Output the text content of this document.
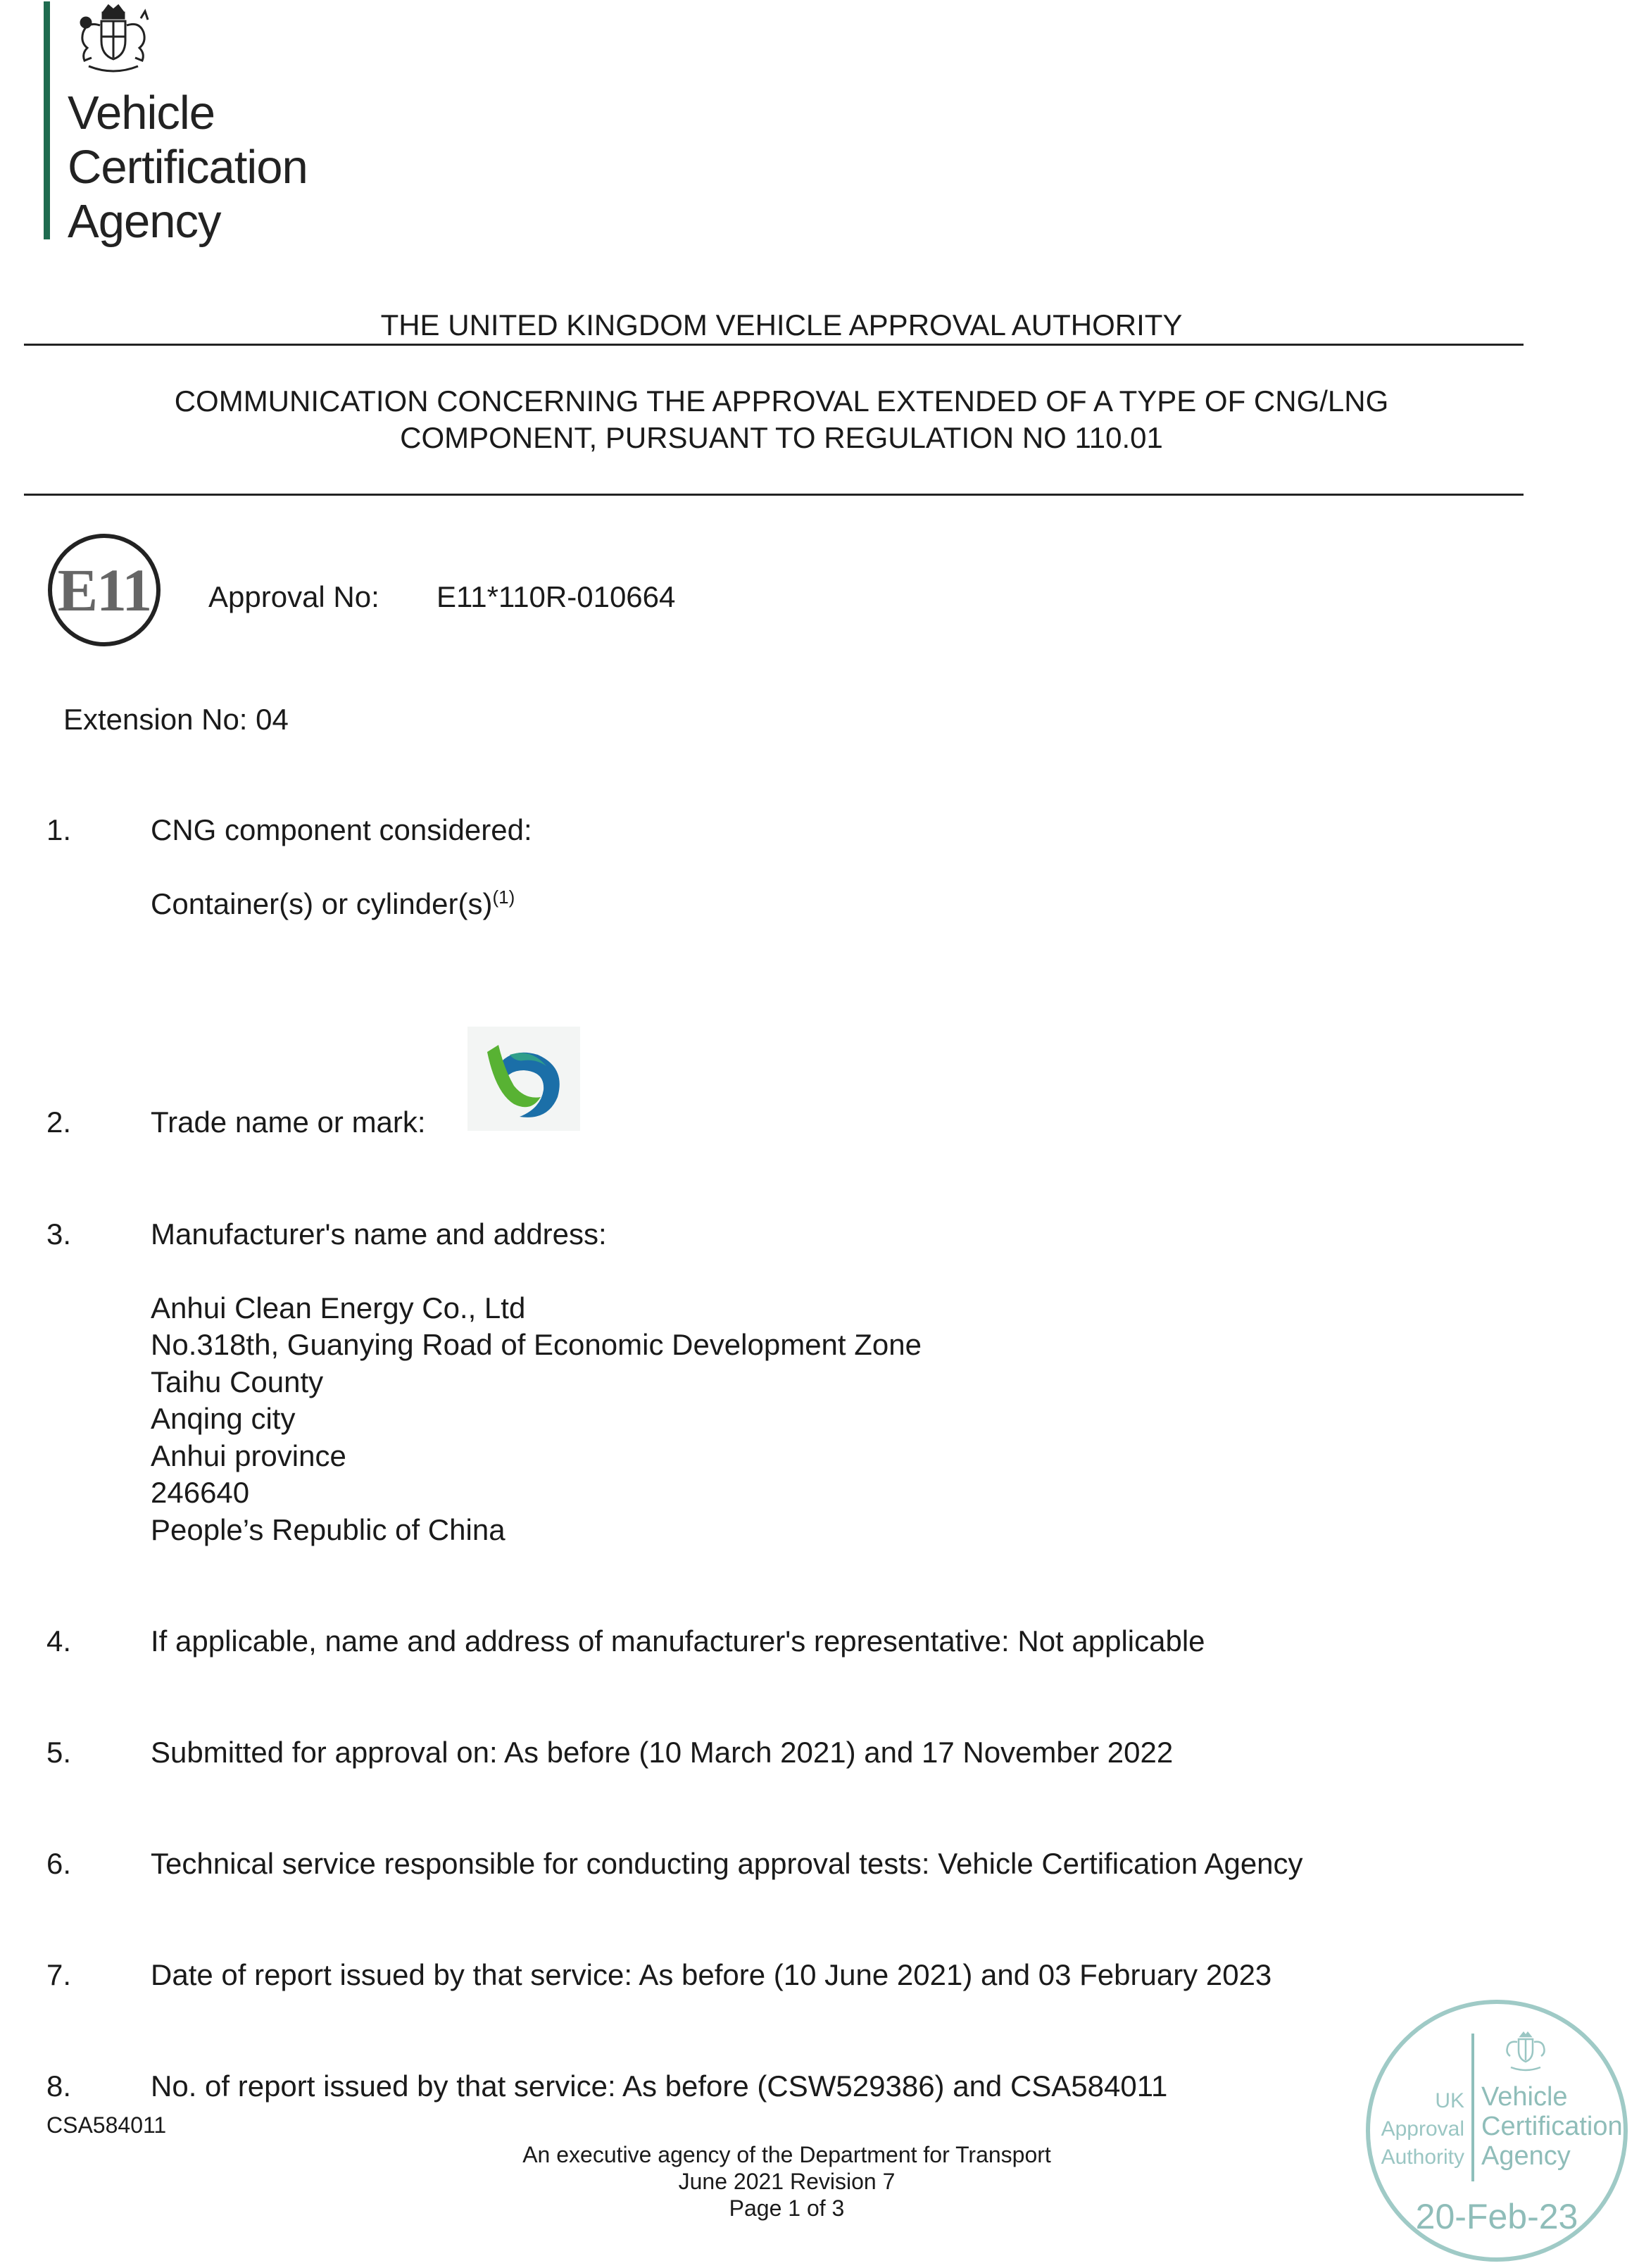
Vehicle
Certification
Agency
THE UNITED KINGDOM VEHICLE APPROVAL AUTHORITY
COMMUNICATION CONCERNING THE APPROVAL EXTENDED OF A TYPE OF CNG/LNG
COMPONENT, PURSUANT TO REGULATION NO 110.01
E11 Approval No: E11*110R-010664
Extension No: 04
1.	CNG component considered:
Container(s) or $cylinder(s)^{(1)}$
2.	Trade name or mark:
3.	Manufacturer's name and address:
Anhui Clean Energy Co., Ltd
No.318th, Guanying Road of Economic Development Zone
Taihu County
Anqing city
Anhui province
246640
People’s Republic of China
4.	If applicable, name and address of manufacturer's representative: Not applicable
5.	Submitted for approval on: As before (10 March 2021) and 17 November 2022
6.	Technical service responsible for conducting approval tests: Vehicle Certification Agency
7.	Date of report issued by that service: As before (10 June 2021) and 03 February 2023
8.	No. of report issued by that service: As before (CSW529386) and CSA584011
CSA584011
An executive agency of the Department for Transport
June 2021 Revision 7
Page 1 of 3
UK
Approval
Authority
Vehicle
Certification
Agency
20-Feb-23
